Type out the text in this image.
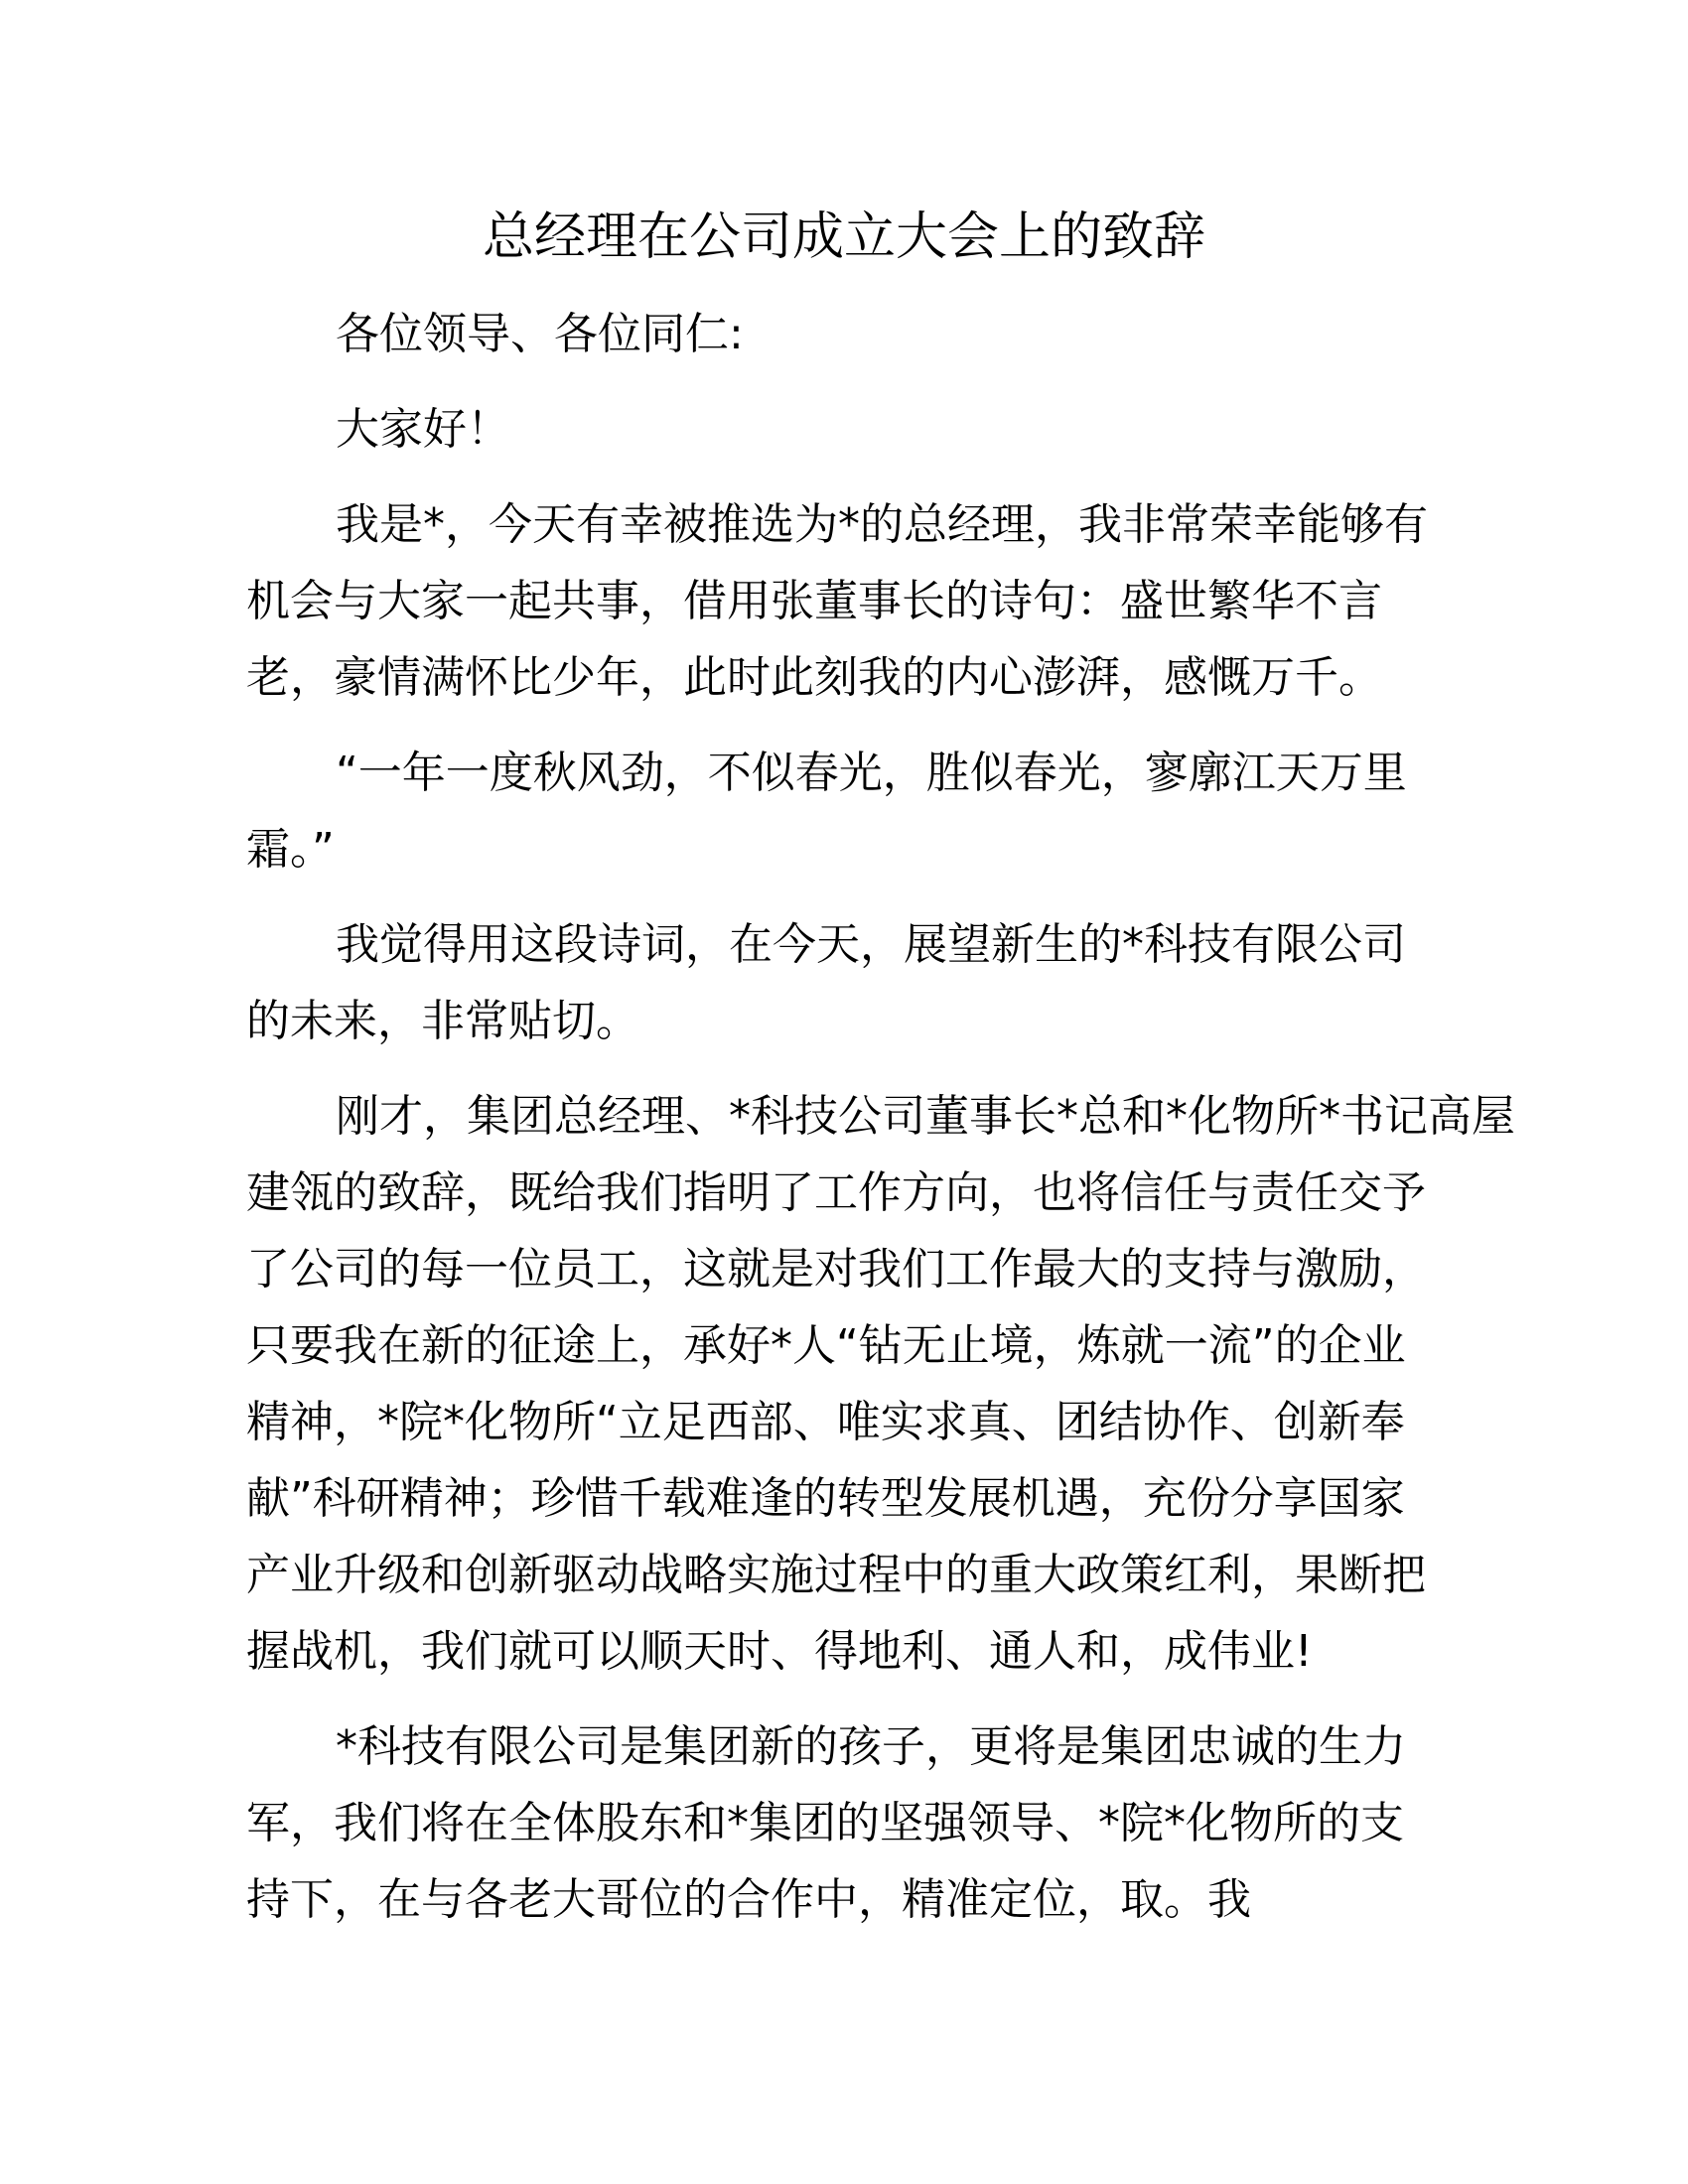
总经理在公司成立大会上的致辞
各位领导、各位同仁:
大家好！
我是*，今天有幸被推选为*的总经理，我非常荣幸能够有
机会与大家一起共事，借用张董事长的诗句：盛世繁华不言
老，豪情满怀比少年，此时此刻我的内心澎湃，感慨万千。
“一年一度秋风劲，不似春光，胜似春光，寥廓江天万里
霜。”
我觉得用这段诗词，在今天，展望新生的*科技有限公司
的未来，非常贴切。
刚才，集团总经理、*科技公司董事长*总和*化物所*书记高屋
建瓴的致辞，既给我们指明了工作方向，也将信任与责任交予
了公司的每一位员工，这就是对我们工作最大的支持与激励，
只要我在新的征途上，承好*人“钻无止境，炼就一流”的企业
精神，*院*化物所“立足西部、唯实求真、团结协作、创新奉
献”科研精神；珍惜千载难逢的转型发展机遇，充份分享国家
产业升级和创新驱动战略实施过程中的重大政策红利，果断把
握战机，我们就可以顺天时、得地利、通人和，成伟业!
*科技有限公司是集团新的孩子，更将是集团忠诚的生力
军，我们将在全体股东和*集团的坚强领导、*院*化物所的支
持下，在与各老大哥位的合作中，精准定位，取。我
